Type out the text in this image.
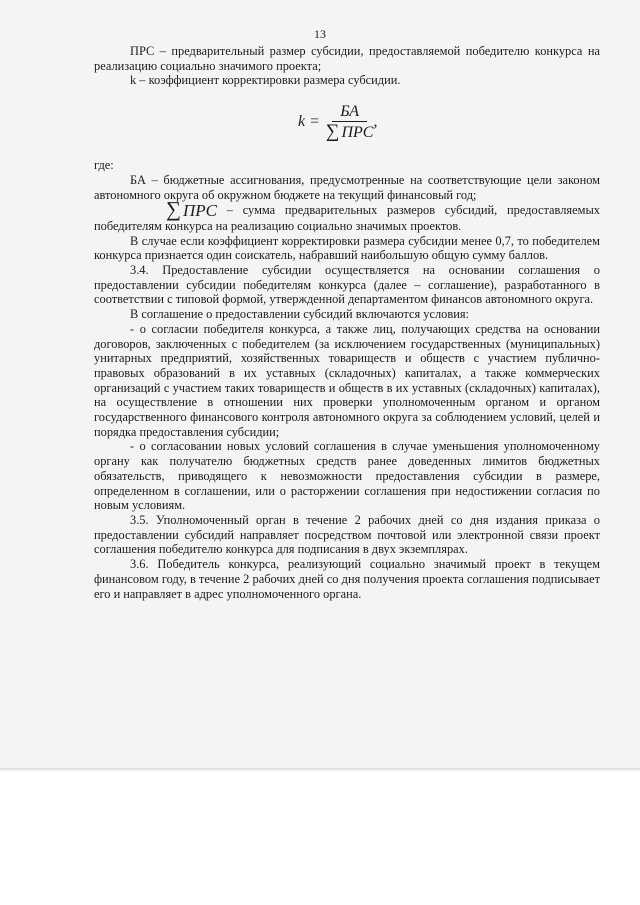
13

ПРС – предварительный размер субсидии, предоставляемой победителю конкурса на реализацию социально значимого проекта;

k – коэффициент корректировки размера субсидии.

$k = \frac{БА}{\text{∑ ПРС}}$ ,

где:

БА – бюджетные ассигнования, предусмотренные на соответствующие цели законом автономного округа об окружном бюджете на текущий финансовый год;

∑ ПРС – сумма предварительных размеров субсидий, предоставляемых победителям конкурса на реализацию социально значимых проектов.

В случае если коэффициент корректировки размера субсидии менее 0,7, то победителем конкурса признается один соискатель, набравший наибольшую общую сумму баллов.

3.4. Предоставление субсидии осуществляется на основании соглашения о предоставлении субсидии победителям конкурса (далее – соглашение), разработанного в соответствии с типовой формой, утвержденной департаментом финансов автономного округа.

В соглашение о предоставлении субсидий включаются условия:

- о согласии победителя конкурса, а также лиц, получающих средства на основании договоров, заключенных с победителем (за исключением государственных (муниципальных) унитарных предприятий, хозяйственных товариществ и обществ с участием публично-правовых образований в их уставных (складочных) капиталах, а также коммерческих организаций с участием таких товариществ и обществ в их уставных (складочных) капиталах), на осуществление в отношении них проверки уполномоченным органом и органом государственного финансового контроля автономного округа за соблюдением условий, целей и порядка предоставления субсидии;

- о согласовании новых условий соглашения в случае уменьшения уполномоченному органу как получателю бюджетных средств ранее доведенных лимитов бюджетных обязательств, приводящего к невозможности предоставления субсидии в размере, определенном в соглашении, или о расторжении соглашения при недостижении согласия по новым условиям.

3.5. Уполномоченный орган в течение 2 рабочих дней со дня издания приказа о предоставлении субсидий направляет посредством почтовой или электронной связи проект соглашения победителю конкурса для подписания в двух экземплярах.

3.6. Победитель конкурса, реализующий социально значимый проект в текущем финансовом году, в течение 2 рабочих дней со дня получения проекта соглашения подписывает его и направляет в адрес уполномоченного органа.
